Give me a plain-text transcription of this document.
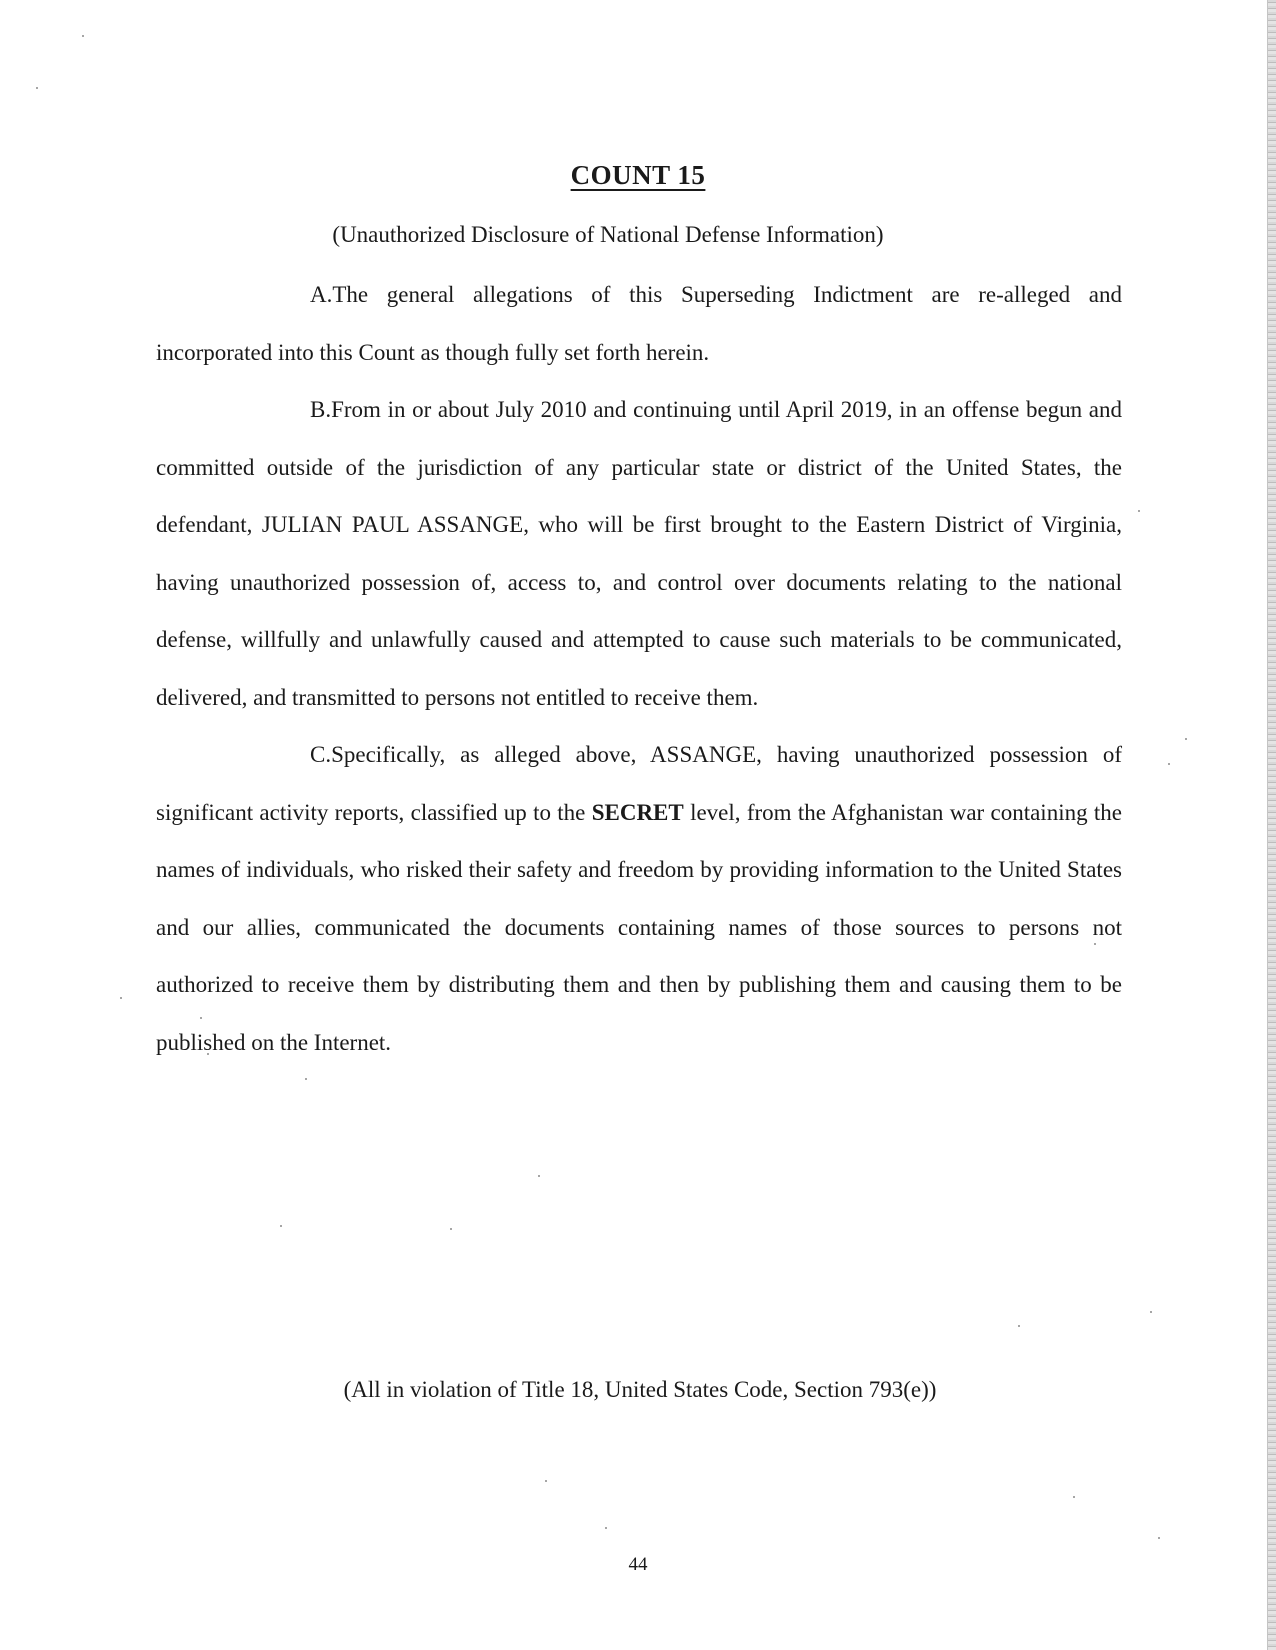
COUNT 15
(Unauthorized Disclosure of National Defense Information)

A.The general allegations of this Superseding Indictment are re-alleged and incorporated into this Count as though fully set forth herein.

B.From in or about July 2010 and continuing until April 2019, in an offense begun and committed outside of the jurisdiction of any particular state or district of the United States, the defendant, JULIAN PAUL ASSANGE, who will be first brought to the Eastern District of Virginia, having unauthorized possession of, access to, and control over documents relating to the national defense, willfully and unlawfully caused and attempted to cause such materials to be communicated, delivered, and transmitted to persons not entitled to receive them.

C.Specifically, as alleged above, ASSANGE, having unauthorized possession of significant activity reports, classified up to the SECRET level, from the Afghanistan war containing the names of individuals, who risked their safety and freedom by providing information to the United States and our allies, communicated the documents containing names of those sources to persons not authorized to receive them by distributing them and then by publishing them and causing them to be published on the Internet.

(All in violation of Title 18, United States Code, Section 793(e))
44
